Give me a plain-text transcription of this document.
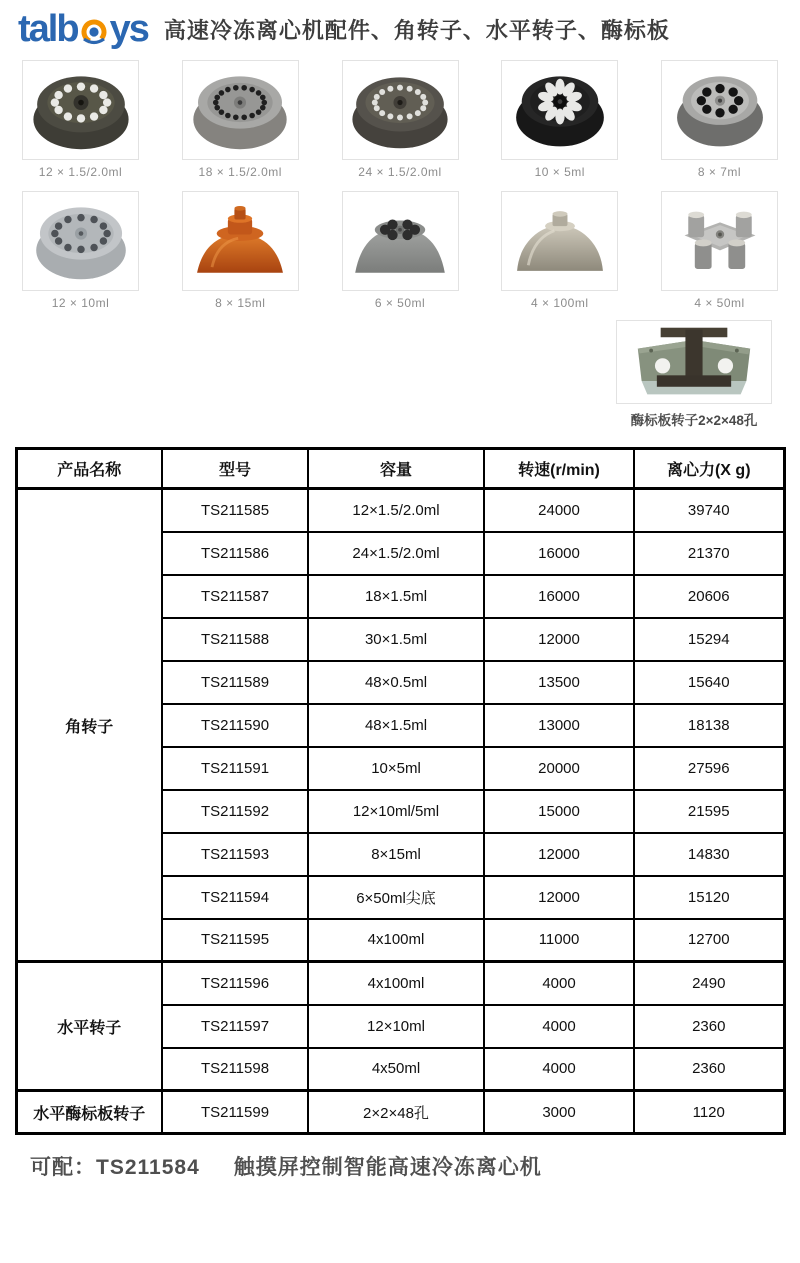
talb ys 高速冷冻离心机配件、角转子、水平转子、酶标板
12 × 1.5/2.0ml	18 × 1.5/2.0ml	24 × 1.5/2.0ml	10 × 5ml	8 × 7ml
12 × 10ml	8 × 15ml	6 × 50ml	4 × 100ml	4 × 50ml
酶标板转子2×2×48孔
产品名称	型号	容量	转速(r/min)	离心力(X g)
角转子	TS211585	12×1.5/2.0ml	24000	39740
	TS211586	24×1.5/2.0ml	16000	21370
	TS211587	18×1.5ml	16000	20606
	TS211588	30×1.5ml	12000	15294
	TS211589	48×0.5ml	13500	15640
	TS211590	48×1.5ml	13000	18138
	TS211591	10×5ml	20000	27596
	TS211592	12×10ml/5ml	15000	21595
	TS211593	8×15ml	12000	14830
	TS211594	6×50ml尖底	12000	15120
	TS211595	4x100ml	11000	12700
水平转子	TS211596	4x100ml	4000	2490
	TS211597	12×10ml	4000	2360
	TS211598	4x50ml	4000	2360
水平酶标板转子	TS211599	2×2×48孔	3000	1120
可配：TS211584 触摸屏控制智能高速冷冻离心机
